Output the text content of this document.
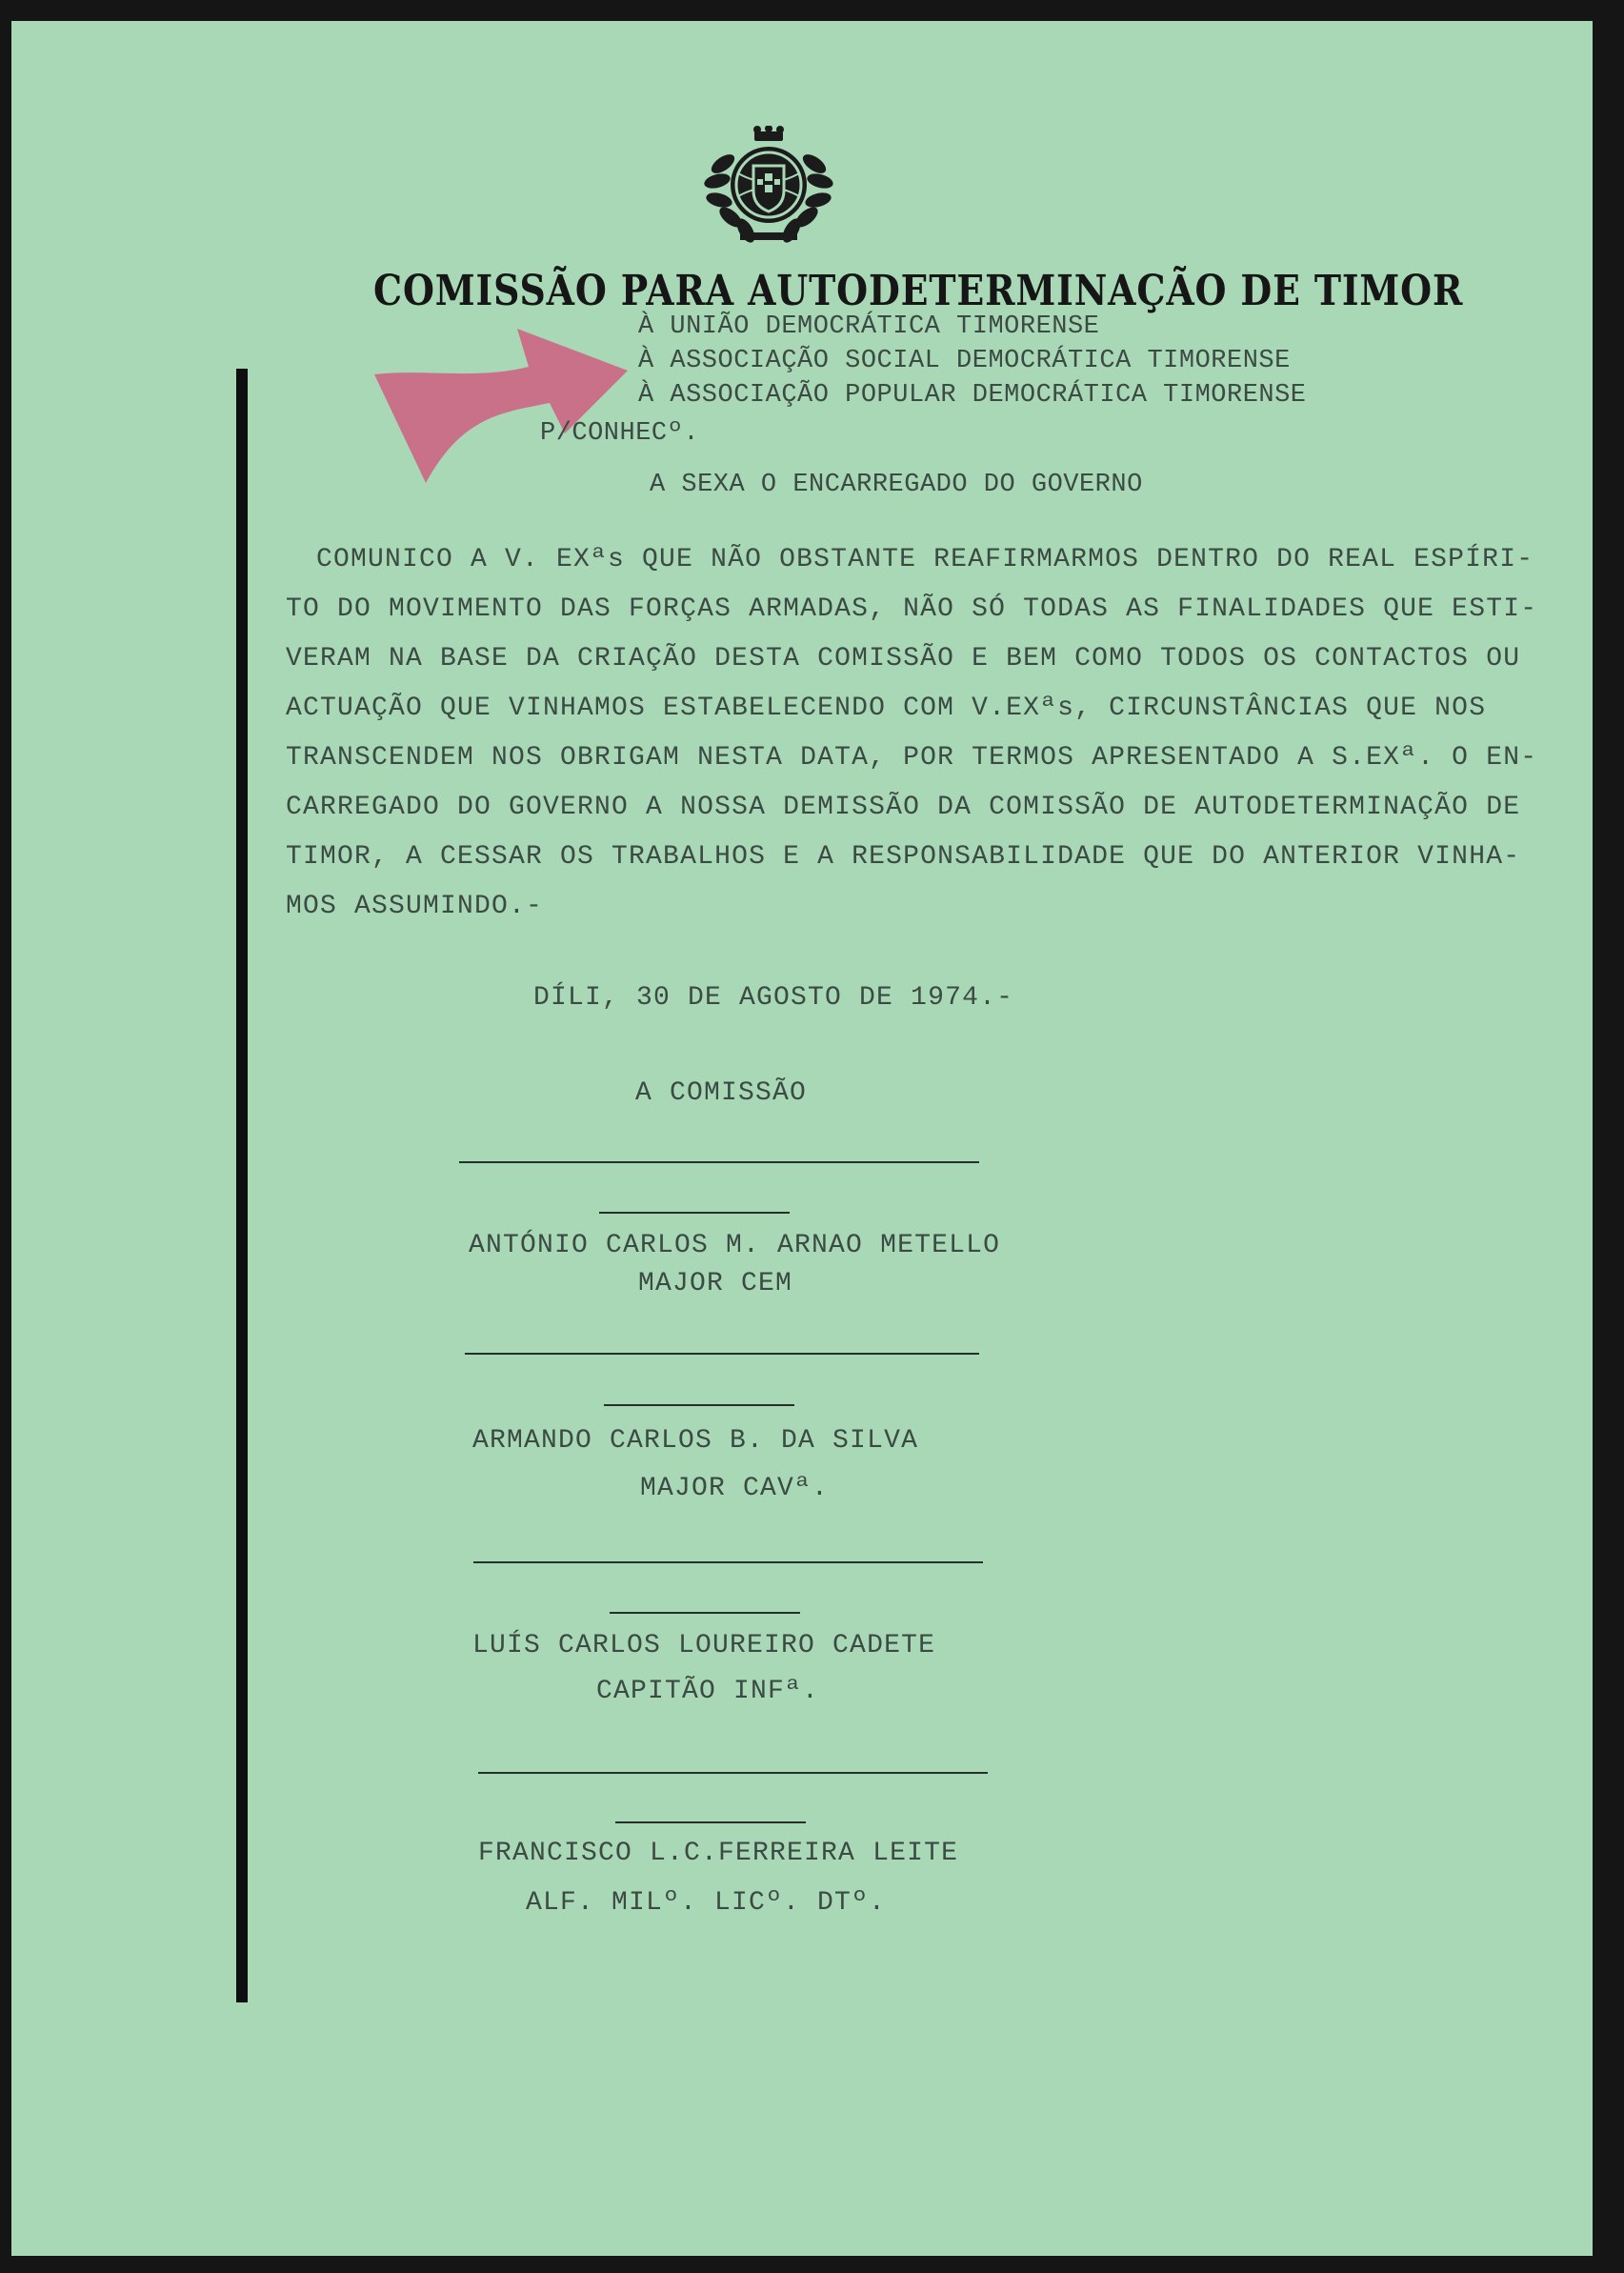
COMISSÃO PARA AUTODETERMINAÇÃO DE TIMOR
À UNIÃO DEMOCRÁTICA TIMORENSE
À ASSOCIAÇÃO SOCIAL DEMOCRÁTICA TIMORENSE
À ASSOCIAÇÃO POPULAR DEMOCRÁTICA TIMORENSE
P/CONHECº.
A SEXA O ENCARREGADO DO GOVERNO
COMUNICO A V. EXªs QUE NÃO OBSTANTE REAFIRMARMOS DENTRO DO REAL ESPÍRI-
TO DO MOVIMENTO DAS FORÇAS ARMADAS, NÃO SÓ TODAS AS FINALIDADES QUE ESTI-
VERAM NA BASE DA CRIAÇÃO DESTA COMISSÃO E BEM COMO TODOS OS CONTACTOS OU
ACTUAÇÃO QUE VINHAMOS ESTABELECENDO COM V.EXªs, CIRCUNSTÂNCIAS QUE NOS
TRANSCENDEM NOS OBRIGAM NESTA DATA, POR TERMOS APRESENTADO A S.EXª. O EN-
CARREGADO DO GOVERNO A NOSSA DEMISSÃO DA COMISSÃO DE AUTODETERMINAÇÃO DE
TIMOR, A CESSAR OS TRABALHOS E A RESPONSABILIDADE QUE DO ANTERIOR VINHA-
MOS ASSUMINDO.-
DÍLI, 30 DE AGOSTO DE 1974.-
A COMISSÃO
ANTÓNIO CARLOS M. ARNAO METELLO
MAJOR CEM
ARMANDO CARLOS B. DA SILVA
MAJOR CAVª.
LUÍS CARLOS LOUREIRO CADETE
CAPITÃO INFª.
FRANCISCO L.C.FERREIRA LEITE
ALF. MILº. LICº. DTº.
